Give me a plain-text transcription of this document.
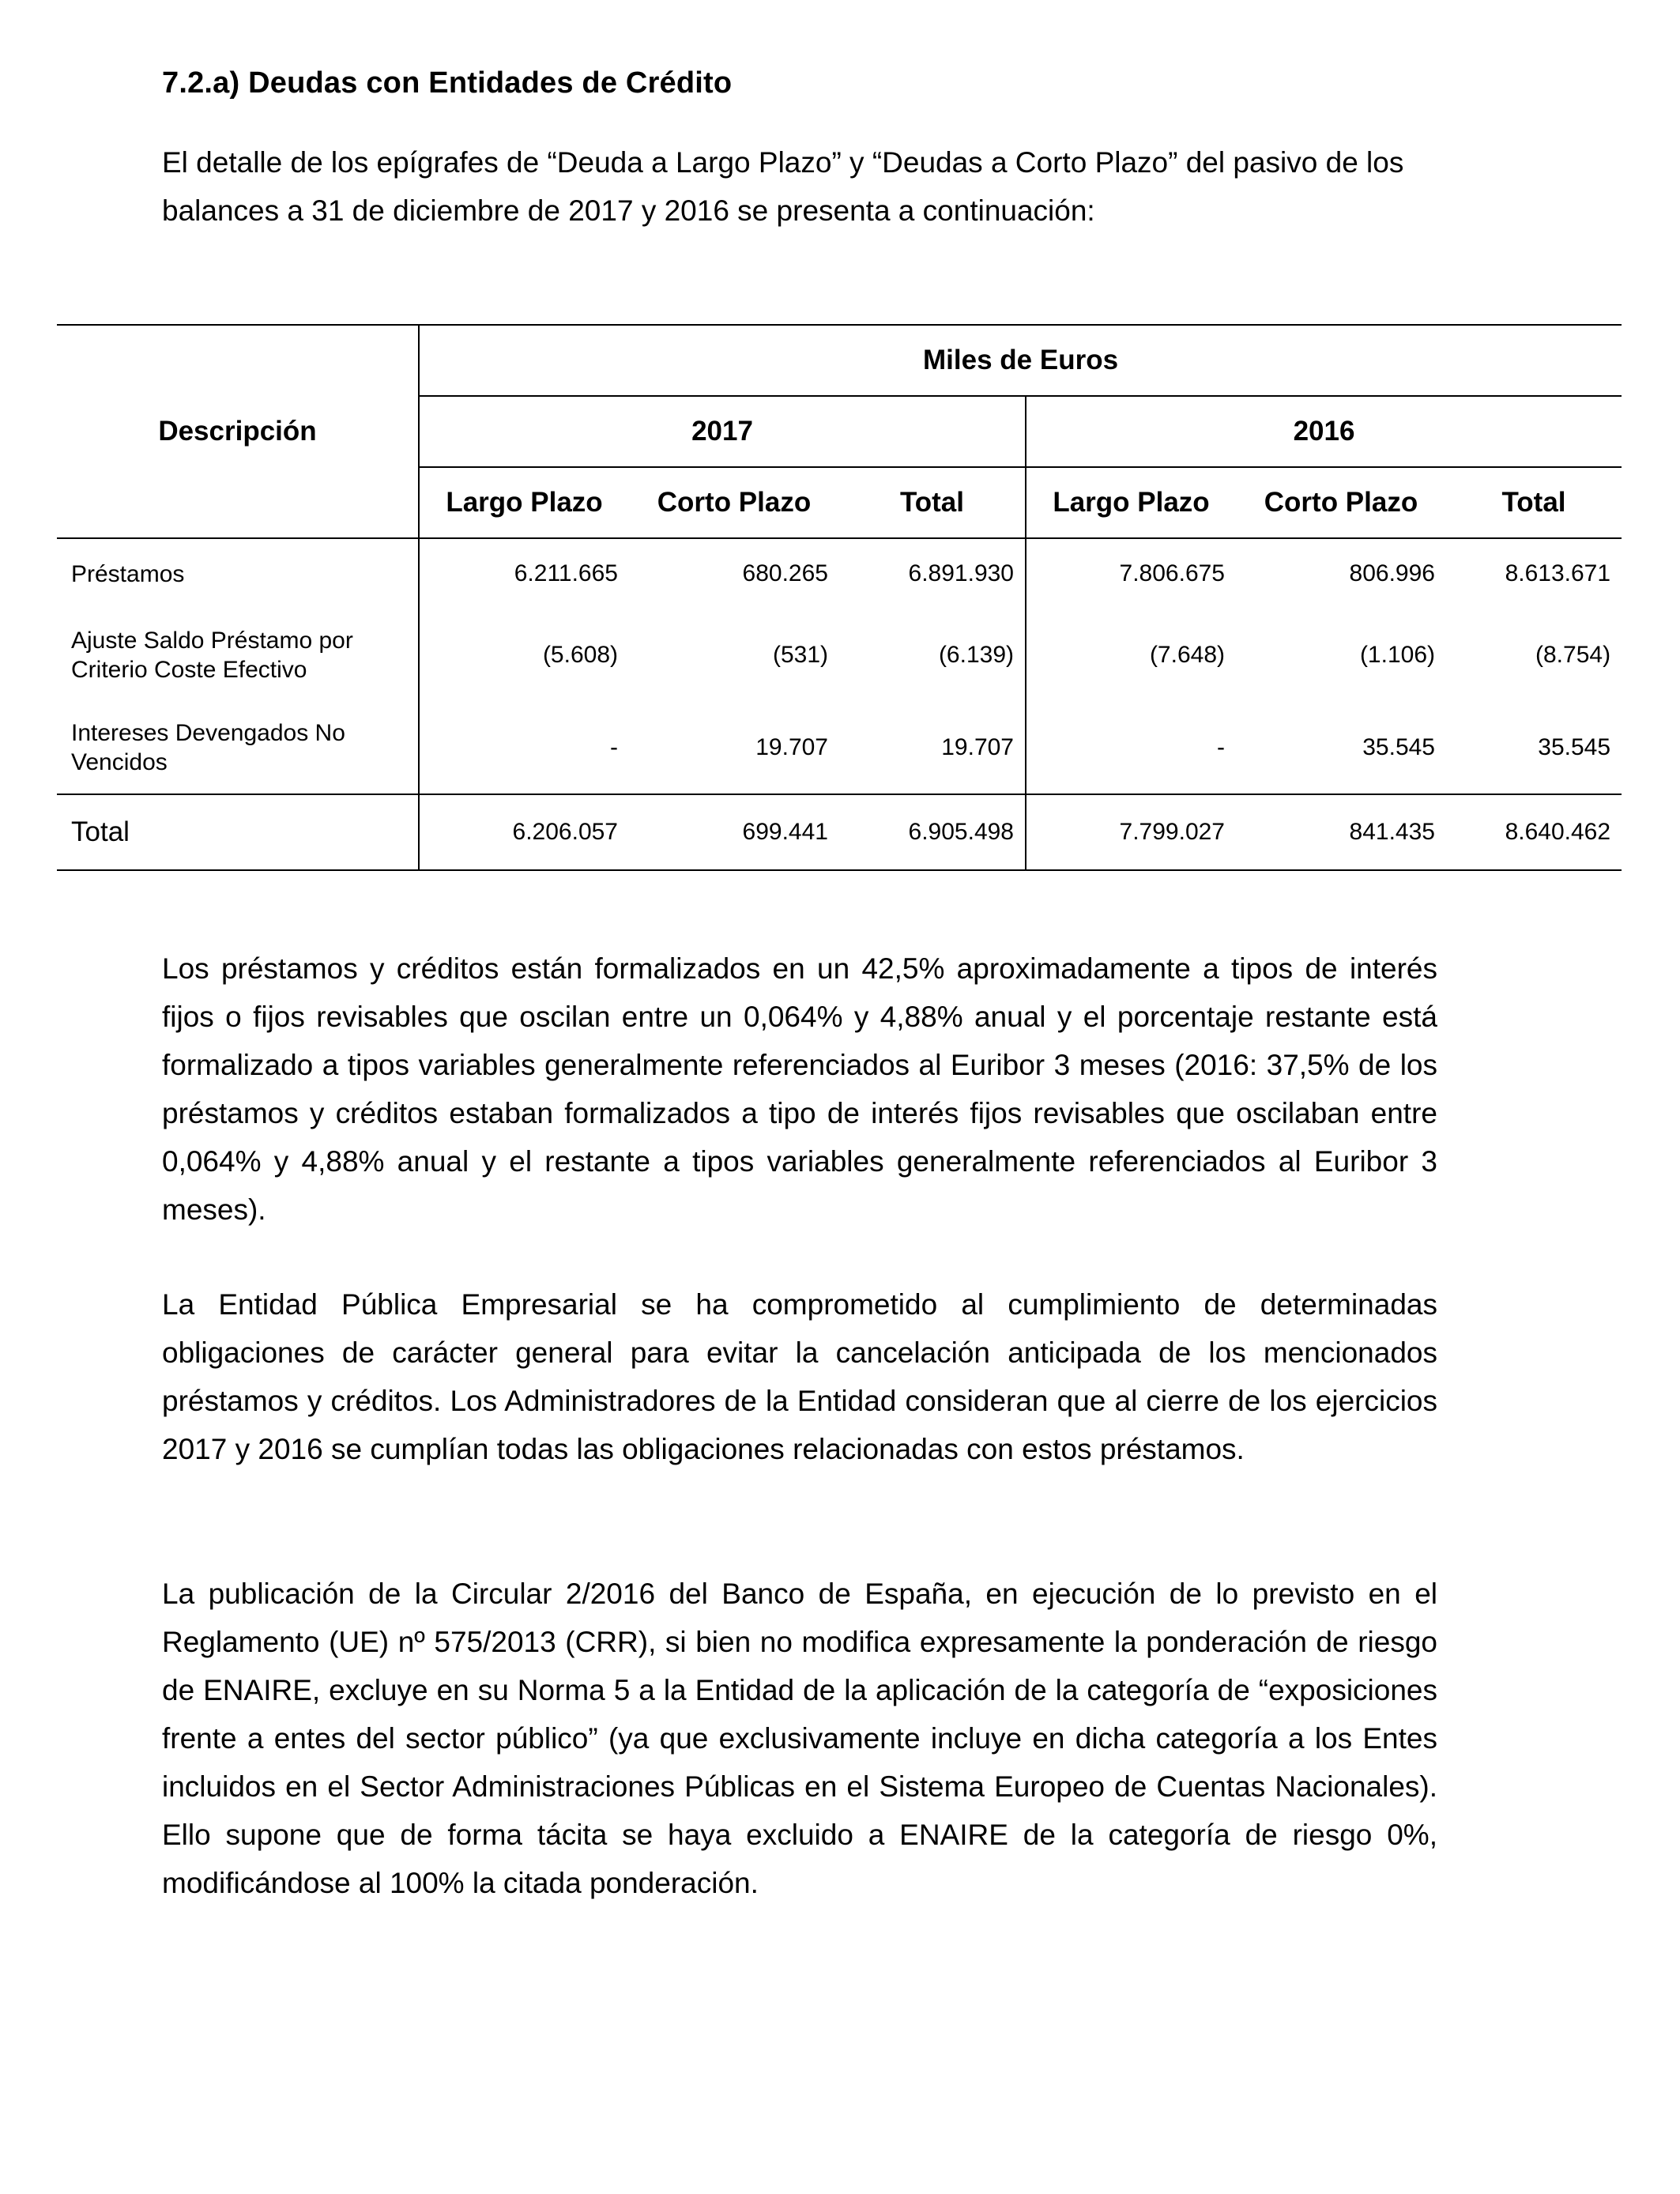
7.2.a) Deudas con Entidades de Crédito
El detalle de los epígrafes de “Deuda a Largo Plazo” y “Deudas a Corto Plazo” del pasivo de los balances a 31 de diciembre de 2017 y 2016 se presenta a continuación:
Descripción	Miles de Euros					
	2017			2016		
	Largo Plazo	Corto Plazo	Total	Largo Plazo	Corto Plazo	Total
Préstamos	6.211.665	680.265	6.891.930	7.806.675	806.996	8.613.671

Ajuste Saldo Préstamo por
Criterio Coste Efectivo	(5.608)	(531)	(6.139)	(7.648)	(1.106)	(8.754)

Intereses Devengados No
Vencidos	-	19.707	19.707	-	35.545	35.545
Total	6.206.057	699.441	6.905.498	7.799.027	841.435	8.640.462
Los préstamos y créditos están formalizados en un 42,5% aproximadamente a tipos de interés fijos o fijos revisables que oscilan entre un 0,064% y 4,88% anual y el porcentaje restante está formalizado a tipos variables generalmente referenciados al Euribor 3 meses (2016: 37,5% de los préstamos y créditos estaban formalizados a tipo de interés fijos revisables que oscilaban entre 0,064% y 4,88% anual y el restante a tipos variables generalmente referenciados al Euribor 3 meses).
La Entidad Pública Empresarial se ha comprometido al cumplimiento de determinadas obligaciones de carácter general para evitar la cancelación anticipada de los mencionados préstamos y créditos. Los Administradores de la Entidad consideran que al cierre de los ejercicios 2017 y 2016 se cumplían todas las obligaciones relacionadas con estos préstamos.
La publicación de la Circular 2/2016 del Banco de España, en ejecución de lo previsto en el Reglamento (UE) nº 575/2013 (CRR), si bien no modifica expresamente la ponderación de riesgo de ENAIRE, excluye en su Norma 5 a la Entidad de la aplicación de la categoría de “exposiciones frente a entes del sector público” (ya que exclusivamente incluye en dicha categoría a los Entes incluidos en el Sector Administraciones Públicas en el Sistema Europeo de Cuentas Nacionales). Ello supone que de forma tácita se haya excluido a ENAIRE de la categoría de riesgo 0%, modificándose al 100% la citada ponderación.
